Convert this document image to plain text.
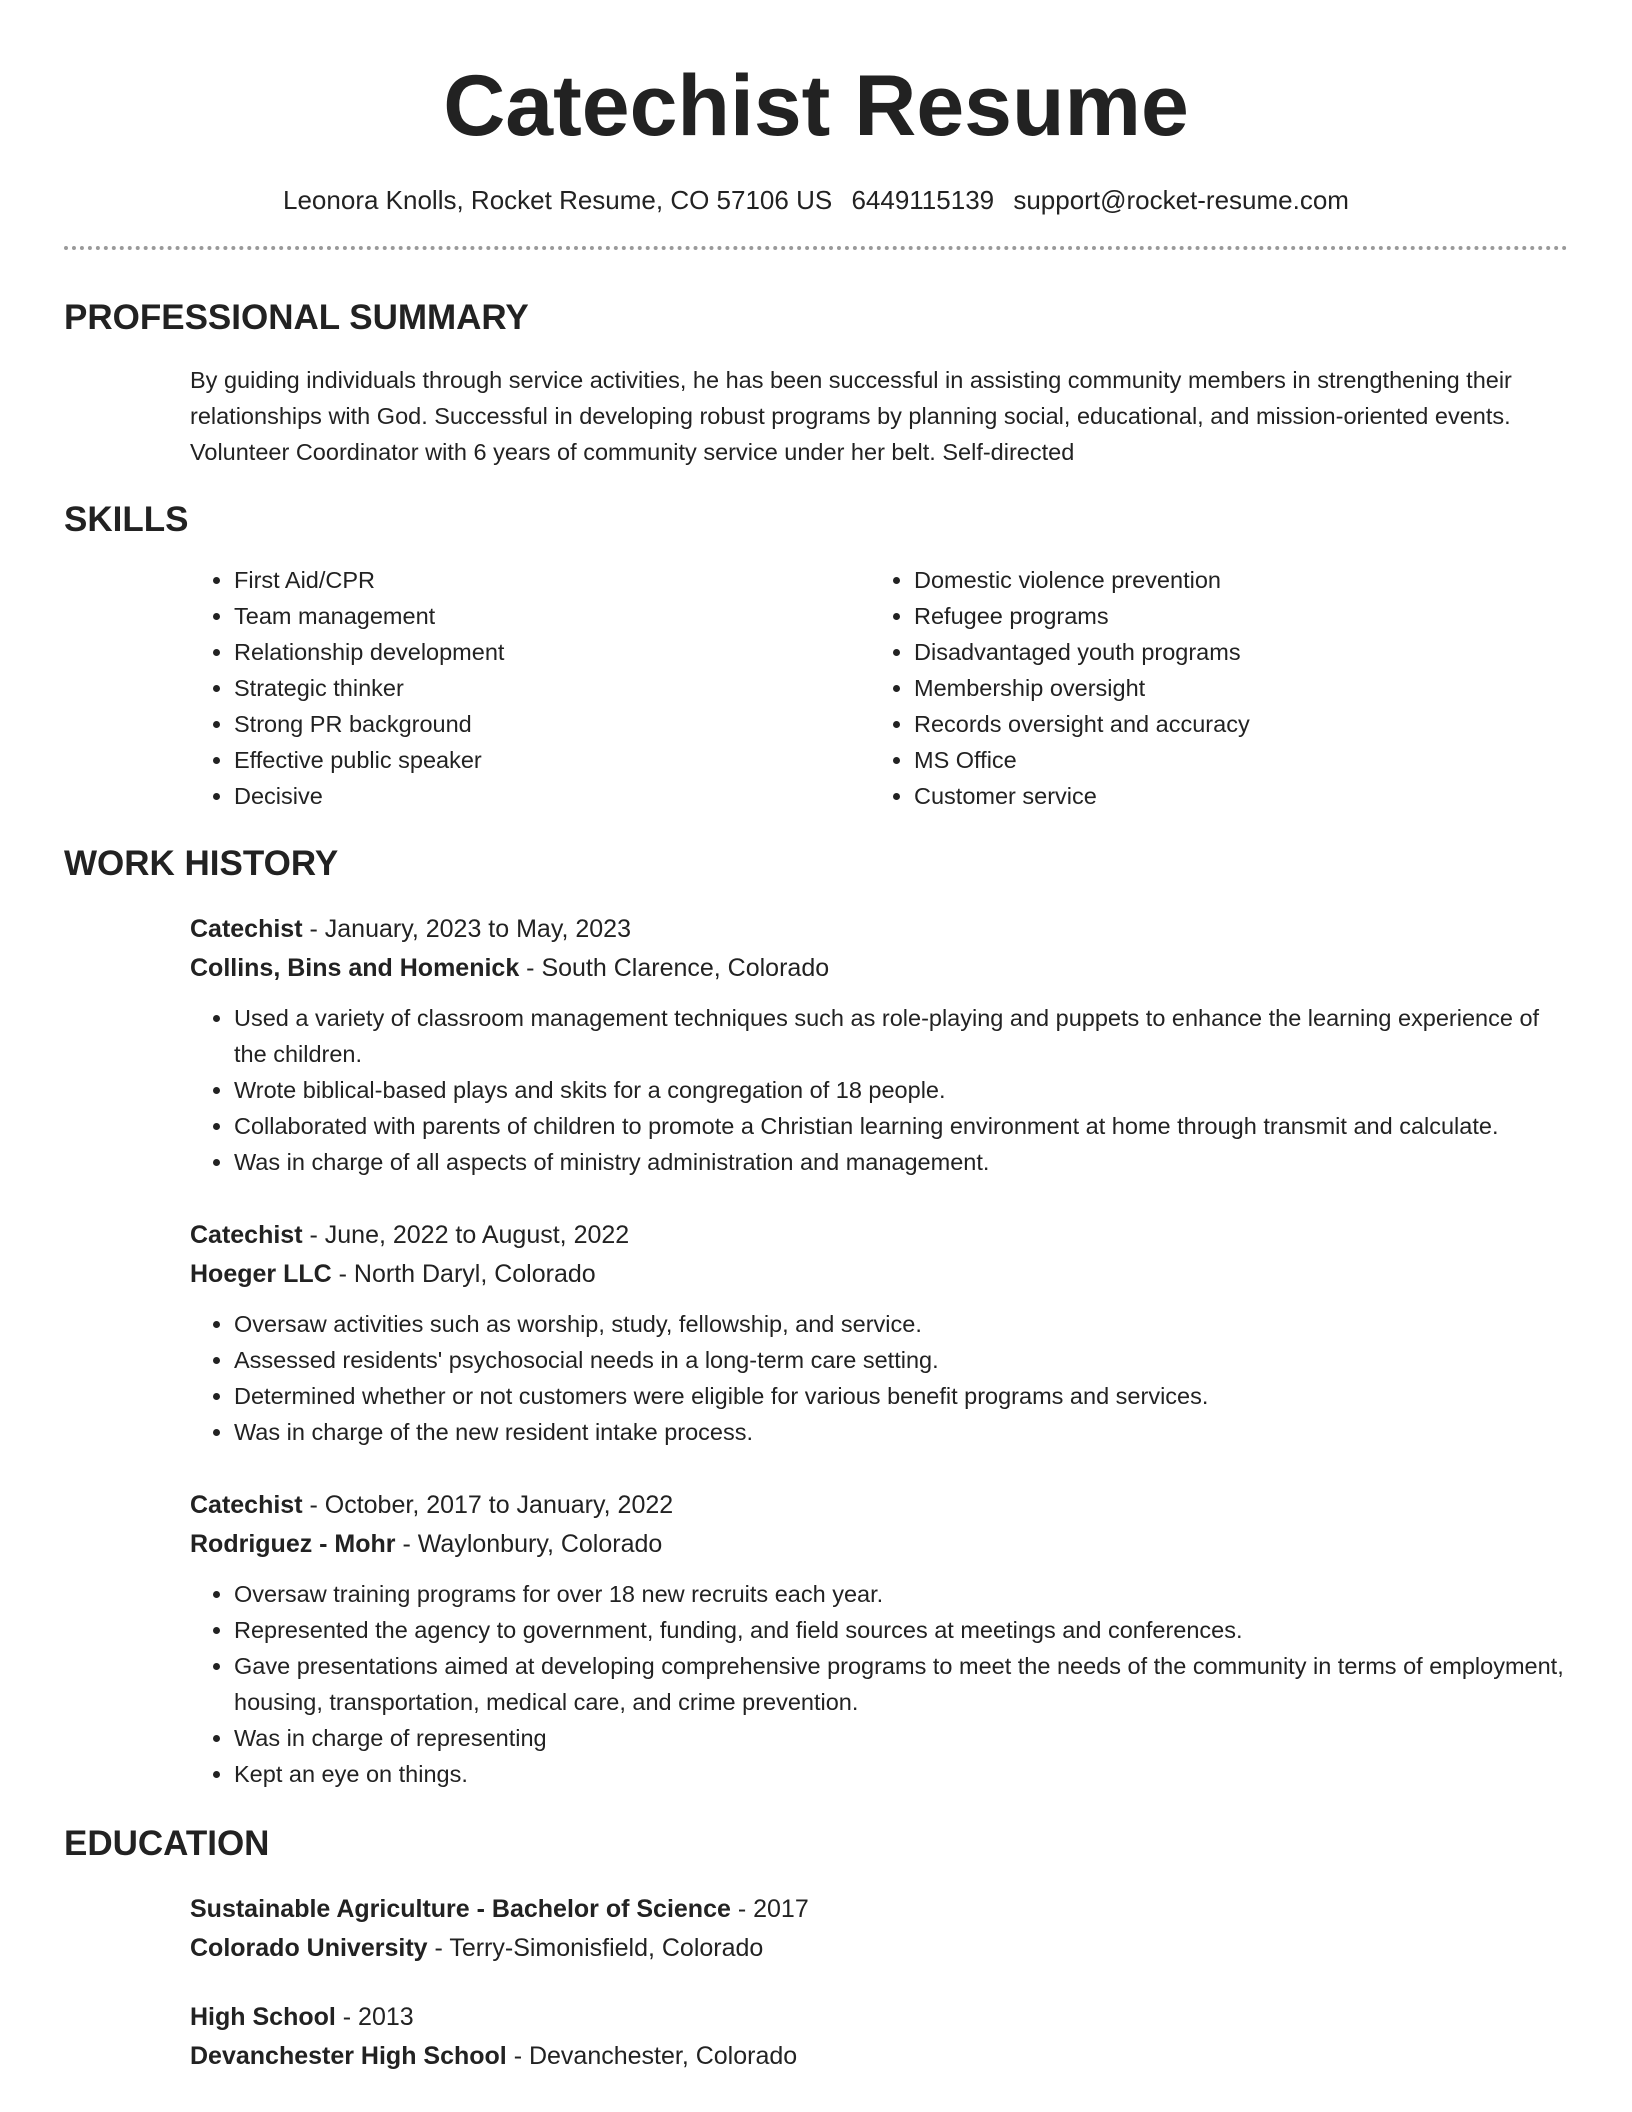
Catechist Resume
Leonora Knolls, Rocket Resume, CO 57106 US 6449115139 support@rocket-resume.com
PROFESSIONAL SUMMARY
By guiding individuals through service activities, he has been successful in assisting community members in strengthening their relationships with God. Successful in developing robust programs by planning social, educational, and mission-oriented events. Volunteer Coordinator with 6 years of community service under her belt. Self-directed
SKILLS
• First Aid/CPR
• Team management
• Relationship development
• Strategic thinker
• Strong PR background
• Effective public speaker
• Decisive
• Domestic violence prevention
• Refugee programs
• Disadvantaged youth programs
• Membership oversight
• Records oversight and accuracy
• MS Office
• Customer service
WORK HISTORY
Catechist - January, 2023 to May, 2023
Collins, Bins and Homenick - South Clarence, Colorado
• Used a variety of classroom management techniques such as role-playing and puppets to enhance the learning experience of the children.
• Wrote biblical-based plays and skits for a congregation of 18 people.
• Collaborated with parents of children to promote a Christian learning environment at home through transmit and calculate.
• Was in charge of all aspects of ministry administration and management.
Catechist - June, 2022 to August, 2022
Hoeger LLC - North Daryl, Colorado
• Oversaw activities such as worship, study, fellowship, and service.
• Assessed residents' psychosocial needs in a long-term care setting.
• Determined whether or not customers were eligible for various benefit programs and services.
• Was in charge of the new resident intake process.
Catechist - October, 2017 to January, 2022
Rodriguez - Mohr - Waylonbury, Colorado
• Oversaw training programs for over 18 new recruits each year.
• Represented the agency to government, funding, and field sources at meetings and conferences.
• Gave presentations aimed at developing comprehensive programs to meet the needs of the community in terms of employment, housing, transportation, medical care, and crime prevention.
• Was in charge of representing
• Kept an eye on things.
EDUCATION
Sustainable Agriculture - Bachelor of Science - 2017
Colorado University - Terry-Simonisfield, Colorado
High School - 2013
Devanchester High School - Devanchester, Colorado
